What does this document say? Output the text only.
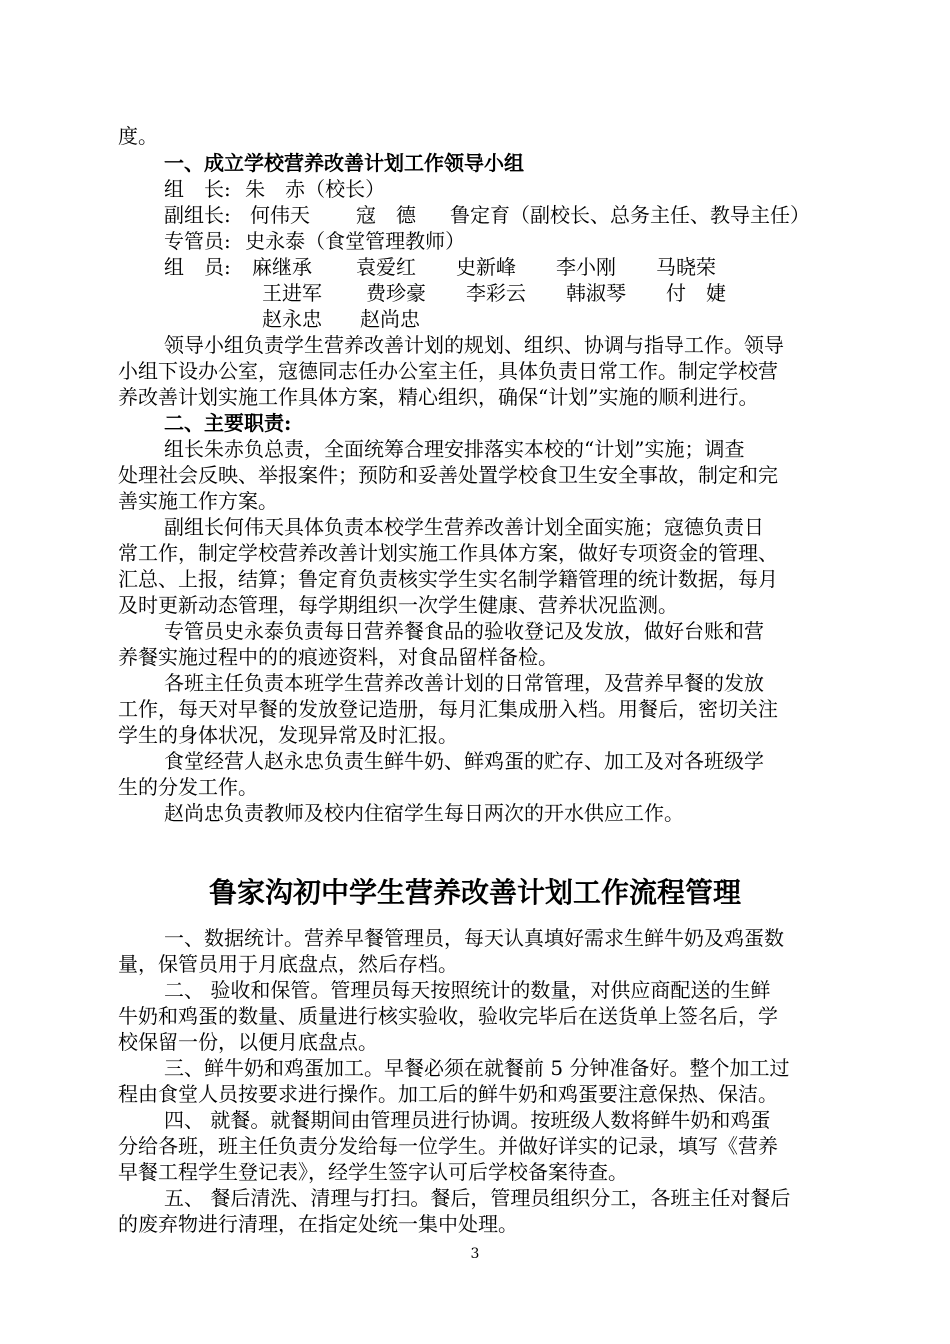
度。
一、成立学校营养改善计划工作领导小组
组　长: 朱　赤（校长）
副组长: 何伟天 寇　德 鲁定育 （副校长、总务主任、教导主任）
专管员: 史永泰（食堂管理教师）
组　员: 麻继承 袁爱红 史新峰 李小刚 马晓荣
王进军 费珍豪 李彩云 韩淑琴 付　婕
赵永忠 赵尚忠
领导小组负责学生营养改善计划的规划、组织、协调与指导工作。领导
小组下设办公室，寇德同志任办公室主任，具体负责日常工作。制定学校营
养改善计划实施工作具体方案，精心组织，确保“计划”实施的顺利进行。
二、主要职责:
组长朱赤负总责，全面统筹合理安排落实本校的“计划”实施；调查
处理社会反映、举报案件；预防和妥善处置学校食卫生安全事故，制定和完
善实施工作方案。
副组长何伟天具体负责本校学生营养改善计划全面实施；寇德负责日
常工作，制定学校营养改善计划实施工作具体方案，做好专项资金的管理、
汇总、上报，结算；鲁定育负责核实学生实名制学籍管理的统计数据，每月
及时更新动态管理，每学期组织一次学生健康、营养状况监测。
专管员史永泰负责每日营养餐食品的验收登记及发放，做好台账和营
养餐实施过程中的的痕迹资料，对食品留样备检。
各班主任负责本班学生营养改善计划的日常管理，及营养早餐的发放
工作，每天对早餐的发放登记造册，每月汇集成册入档。用餐后，密切关注
学生的身体状况，发现异常及时汇报。
食堂经营人赵永忠负责生鲜牛奶、鲜鸡蛋的贮存、加工及对各班级学
生的分发工作。
赵尚忠负责教师及校内住宿学生每日两次的开水供应工作。
鲁家沟初中学生营养改善计划工作流程管理
一、数据统计。营养早餐管理员，每天认真填好需求生鲜牛奶及鸡蛋数
量，保管员用于月底盘点，然后存档。
二、 验收和保管。管理员每天按照统计的数量，对供应商配送的生鲜
牛奶和鸡蛋的数量、质量进行核实验收，验收完毕后在送货单上签名后，学
校保留一份，以便月底盘点。
三、鲜牛奶和鸡蛋加工。早餐必须在就餐前 5 分钟准备好。整个加工过
程由食堂人员按要求进行操作。加工后的鲜牛奶和鸡蛋要注意保热、保洁。
四、 就餐。就餐期间由管理员进行协调。按班级人数将鲜牛奶和鸡蛋
分给各班，班主任负责分发给每一位学生。并做好详实的记录，填写《营养
早餐工程学生登记表》，经学生签字认可后学校备案待查。
五、 餐后清洗、清理与打扫。餐后，管理员组织分工，各班主任对餐后
的废弃物进行清理，在指定处统一集中处理。
3
